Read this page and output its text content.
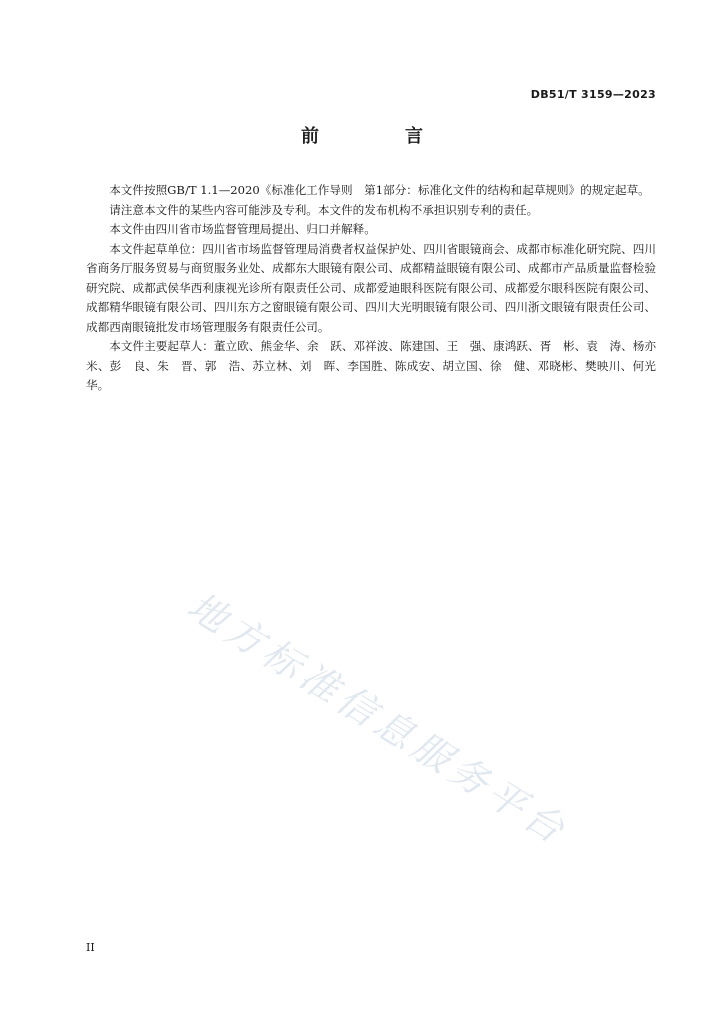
DB51/T 3159—2023
前　言

本文件按照GB/T 1.1—2020《标准化工作导则　第1部分：标准化文件的结构和起草规则》的规定起草。

请注意本文件的某些内容可能涉及专利。本文件的发布机构不承担识别专利的责任。

本文件由四川省市场监督管理局提出、归口并解释。

本文件起草单位：四川省市场监督管理局消费者权益保护处、四川省眼镜商会、成都市标准化研究院、四川省商务厅服务贸易与商贸服务业处、成都东大眼镜有限公司、成都精益眼镜有限公司、成都市产品质量监督检验研究院、成都武侯华西利康视光诊所有限责任公司、成都爱迪眼科医院有限公司、成都爱尔眼科医院有限公司、成都精华眼镜有限公司、四川东方之窗眼镜有限公司、四川大光明眼镜有限公司、四川浙文眼镜有限责任公司、成都西南眼镜批发市场管理服务有限责任公司。

本文件主要起草人：董立欧、熊金华、余　跃、邓祥波、陈建国、王　强、康鸿跃、胥　彬、袁　涛、杨亦米、彭　良、朱　晋、郭　浩、苏立林、刘　晖、李国胜、陈成安、胡立国、徐　健、邓晓彬、樊映川、何光华。

地方标准信息服务平台
II
